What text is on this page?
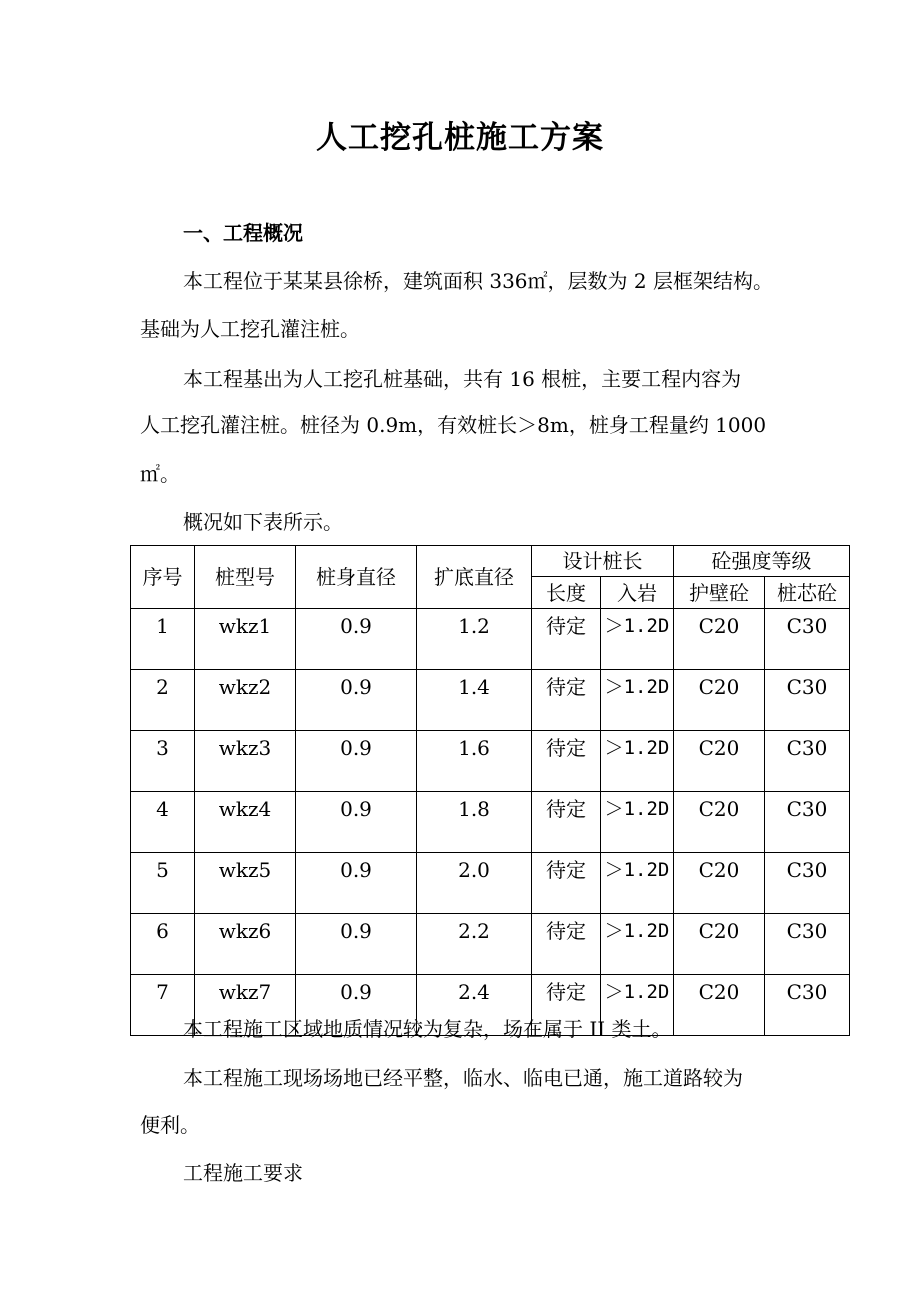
人工挖孔桩施工方案
一、工程概况
本工程位于某某县徐桥，建筑面积 336㎡，层数为 2 层框架结构。
基础为人工挖孔灌注桩。
本工程基出为人工挖孔桩基础，共有 16 根桩，主要工程内容为
人工挖孔灌注桩。桩径为 0.9m，有效桩长＞8m，桩身工程量约 1000
㎡。
概况如下表所示。
序号	桩型号	桩身直径	扩底直径	设计桩长		砼强度等级	
				长度	入岩	护壁砼	桩芯砼
1	wkz1	0.9	1.2	待定	＞1.2D	C20	C30
2	wkz2	0.9	1.4	待定	＞1.2D	C20	C30
3	wkz3	0.9	1.6	待定	＞1.2D	C20	C30
4	wkz4	0.9	1.8	待定	＞1.2D	C20	C30
5	wkz5	0.9	2.0	待定	＞1.2D	C20	C30
6	wkz6	0.9	2.2	待定	＞1.2D	C20	C30
7	wkz7	0.9	2.4	待定	＞1.2D	C20	C30
本工程施工区域地质情况较为复杂，场在属于 II 类土。
本工程施工现场场地已经平整，临水、临电已通，施工道路较为
便利。
工程施工要求
